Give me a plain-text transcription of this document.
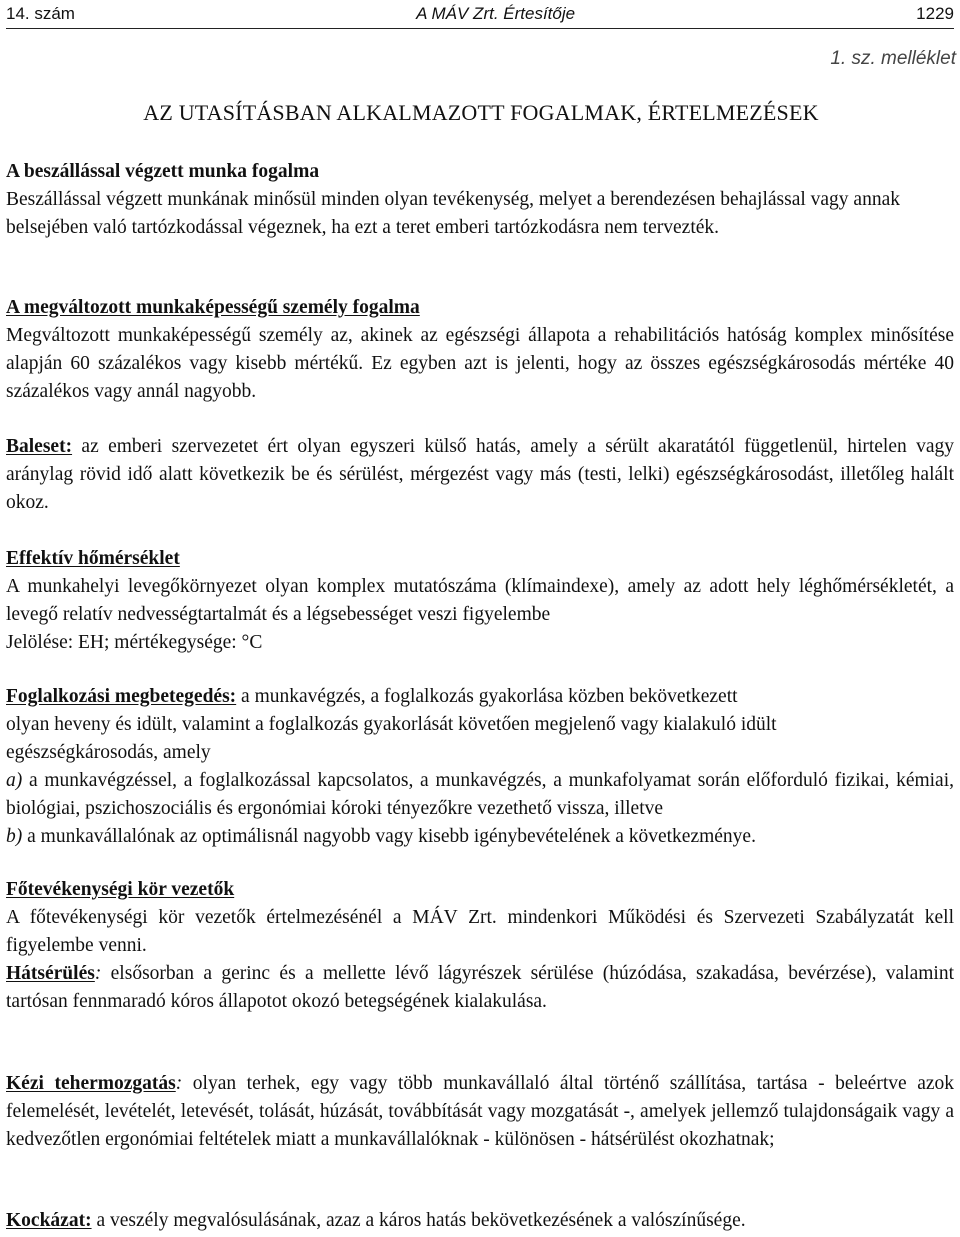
14. szám	A MÁV Zrt. Értesítője	1229
1. sz. melléklet
AZ UTASÍTÁSBAN ALKALMAZOTT FOGALMAK, ÉRTELMEZÉSEK

A beszállással végzett munka fogalma

Beszállással végzett munkának minősül minden olyan tevékenység, melyet a berendezésen behajlással vagy annak belsejében való tartózkodással végeznek, ha ezt a teret emberi tartózkodásra nem tervezték.

A megváltozott munkaképességű személy fogalma

Megváltozott munkaképességű személy az, akinek az egészségi állapota a rehabilitációs hatóság komplex minősítése alapján 60 százalékos vagy kisebb mértékű. Ez egyben azt is jelenti, hogy az összes egészségkárosodás mértéke 40 százalékos vagy annál nagyobb.

Baleset: az emberi szervezetet ért olyan egyszeri külső hatás, amely a sérült akaratától függetlenül, hirtelen vagy aránylag rövid idő alatt következik be és sérülést, mérgezést vagy más (testi, lelki) egészségkárosodást, illetőleg halált okoz.

Effektív hőmérséklet

A munkahelyi levegőkörnyezet olyan komplex mutatószáma (klímaindexe), amely az adott hely léghőmérsékletét, a levegő relatív nedvességtartalmát és a légsebességet veszi figyelembe

Jelölése: EH; mértékegysége: °C

Foglalkozási megbetegedés: a munkavégzés, a foglalkozás gyakorlása közben bekövetkezett

olyan heveny és idült, valamint a foglalkozás gyakorlását követően megjelenő vagy kialakuló idült

egészségkárosodás, amely

a) a munkavégzéssel, a foglalkozással kapcsolatos, a munkavégzés, a munkafolyamat során előforduló fizikai, kémiai, biológiai, pszichoszociális és ergonómiai kóroki tényezőkre vezethető vissza, illetve

b) a munkavállalónak az optimálisnál nagyobb vagy kisebb igénybevételének a következménye.

Főtevékenységi kör vezetők

A főtevékenységi kör vezetők értelmezésénél a MÁV Zrt. mindenkori Működési és Szervezeti Szabályzatát kell figyelembe venni.

Hátsérülés: elsősorban a gerinc és a mellette lévő lágyrészek sérülése (húzódása, szakadása, bevérzése), valamint tartósan fennmaradó kóros állapotot okozó betegségének kialakulása.

Kézi tehermozgatás: olyan terhek, egy vagy több munkavállaló által történő szállítása, tartása - beleértve azok felemelését, levételét, letevését, tolását, húzását, továbbítását vagy mozgatását -, amelyek jellemző tulajdonságaik vagy a kedvezőtlen ergonómiai feltételek miatt a munkavállalóknak - különösen - hátsérülést okozhatnak;

Kockázat: a veszély megvalósulásának, azaz a káros hatás bekövetkezésének a valószínűsége.
